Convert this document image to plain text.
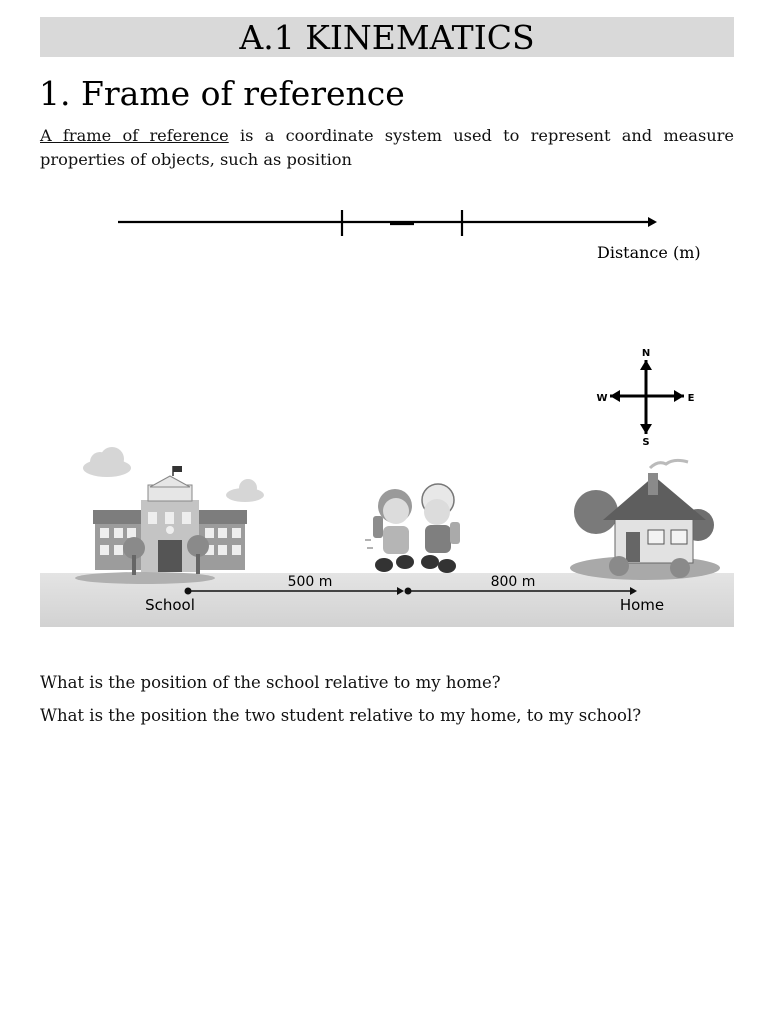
A.1 KINEMATICS
1. Frame of reference

A frame of reference is a coordinate system used to represent and measure properties of objects, such as position

Distance (m)
N
S
E
W
500 m	800 m
School	Home

What is the position of the school relative to my home?

What is the position the two student relative to my home, to my school?
